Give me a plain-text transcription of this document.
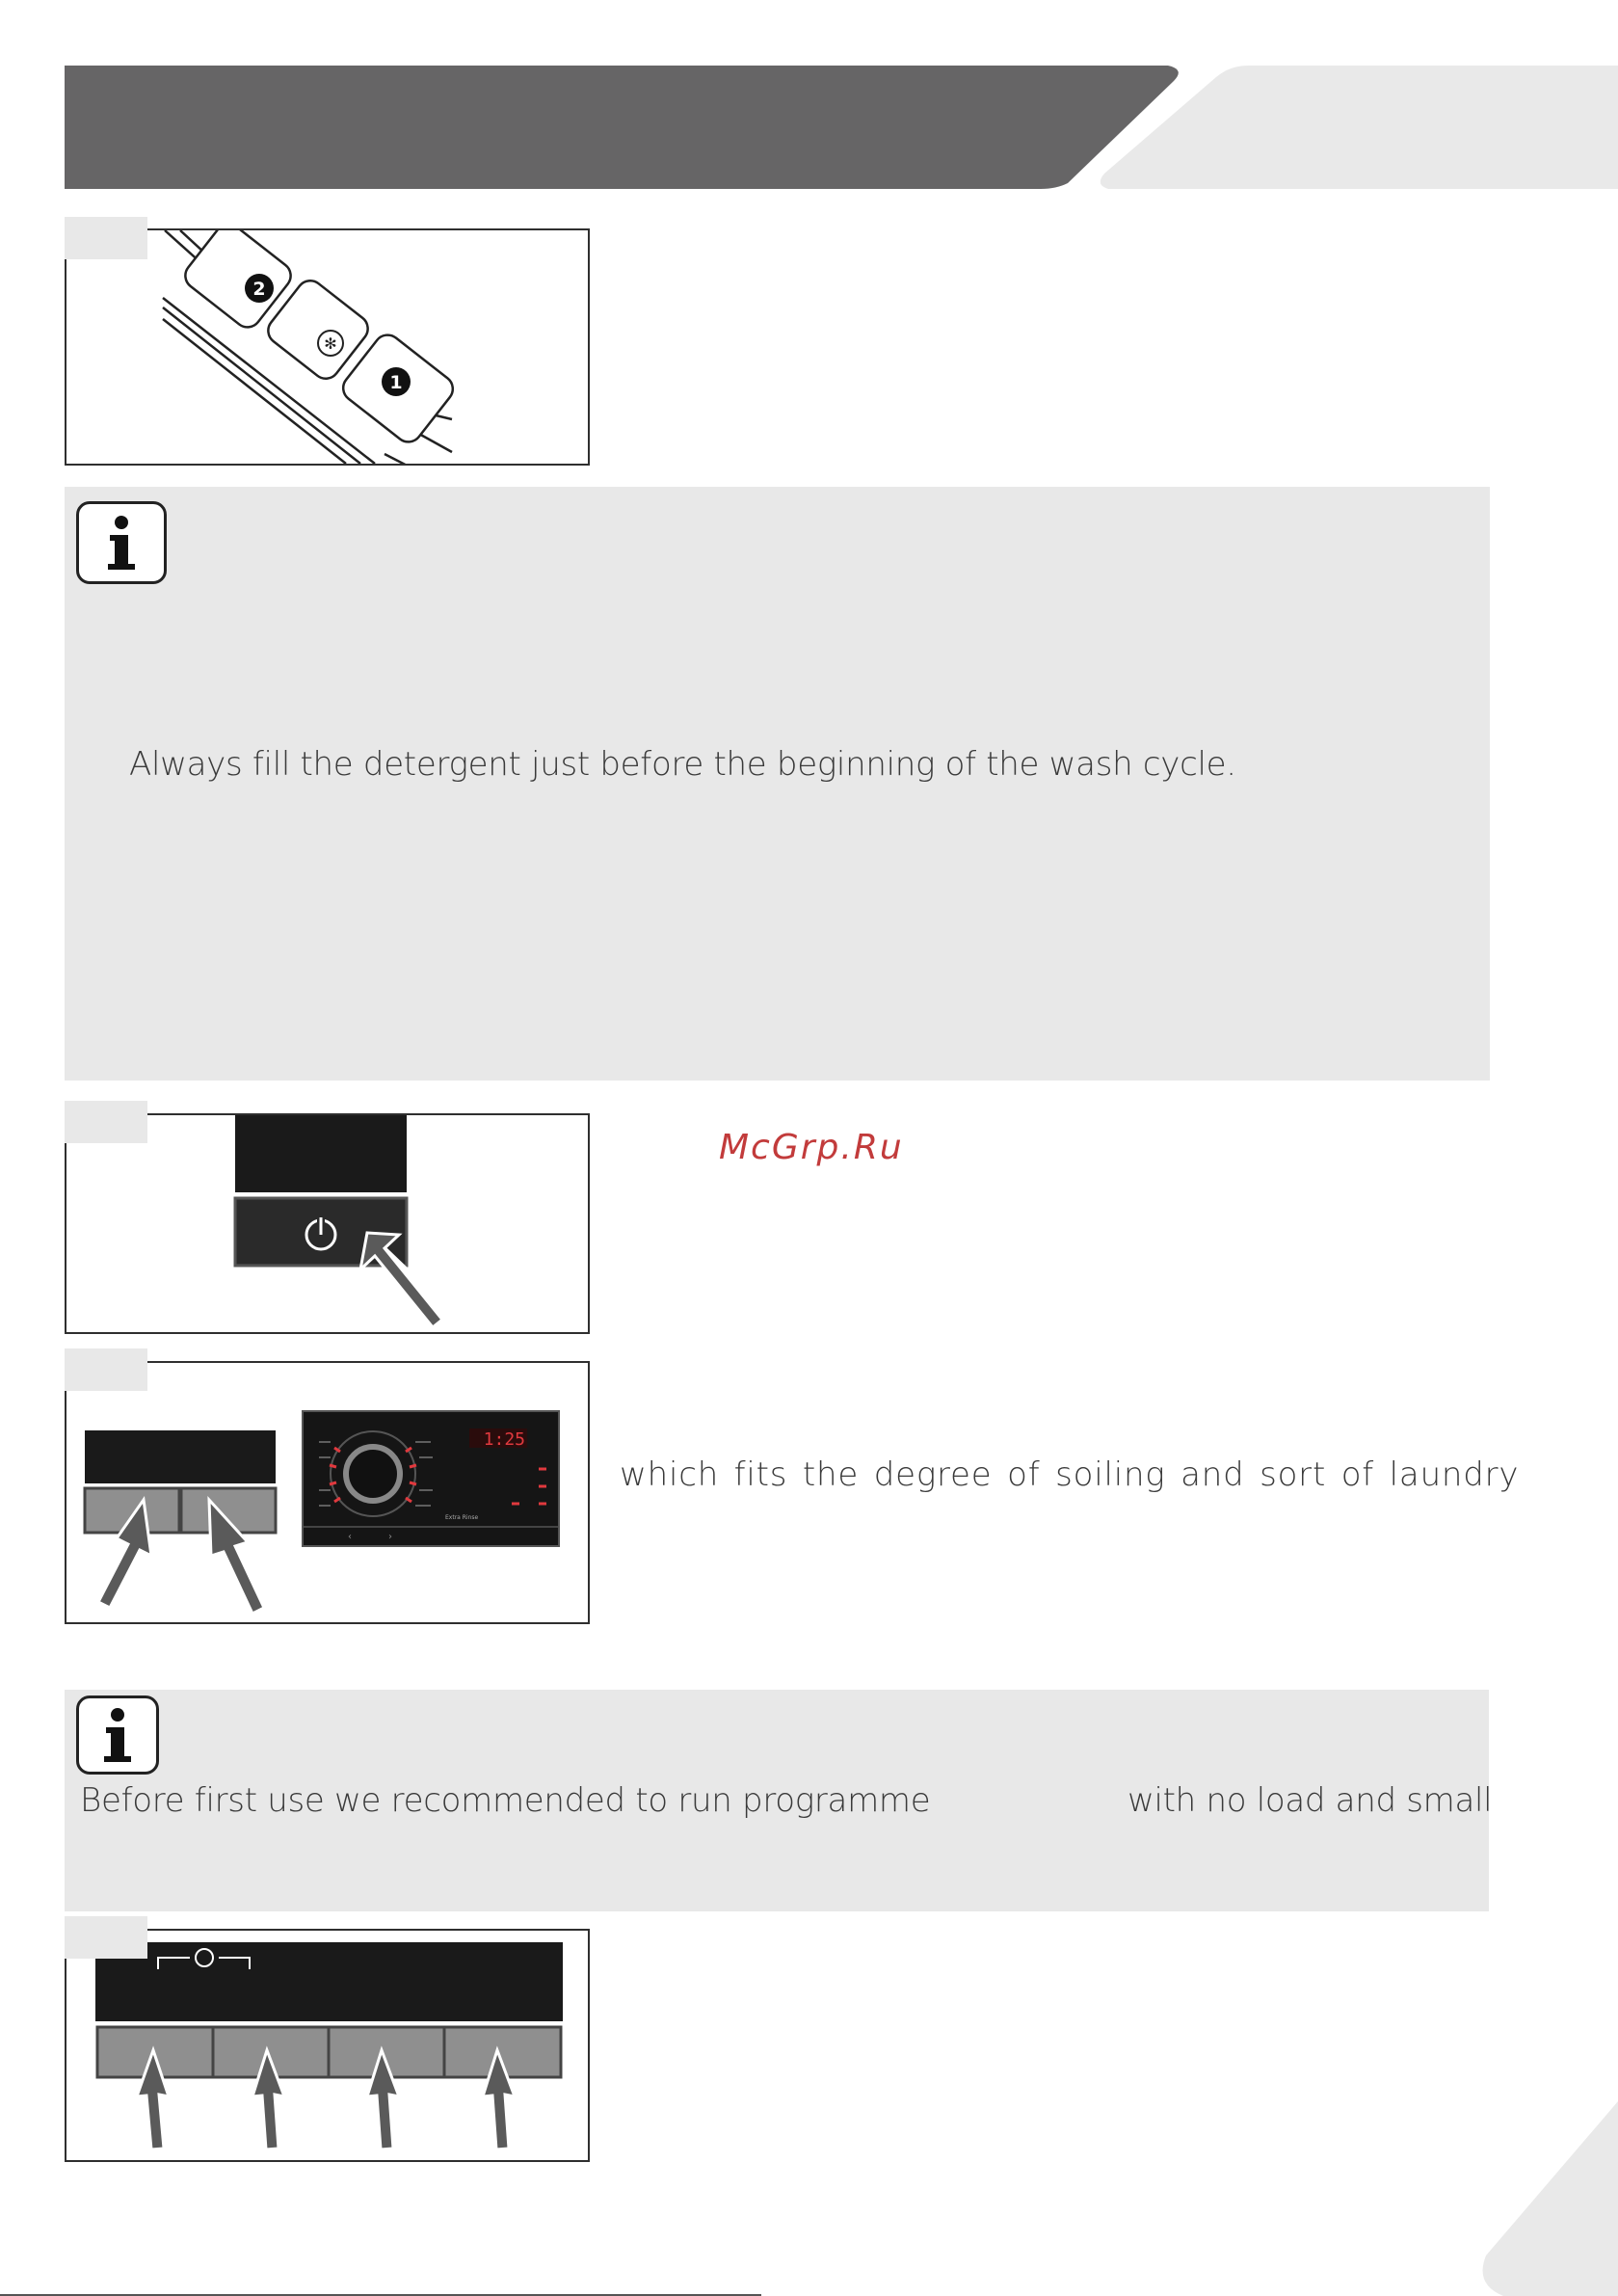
2
✻
1
Always fill the detergent just before the beginning of the wash cycle.
McGrp.Ru
1:25
Extra Rinse
‹	›
which fits the degree of soiling and sort of laundry
Before first use we recommended to run programme	with no load and small
